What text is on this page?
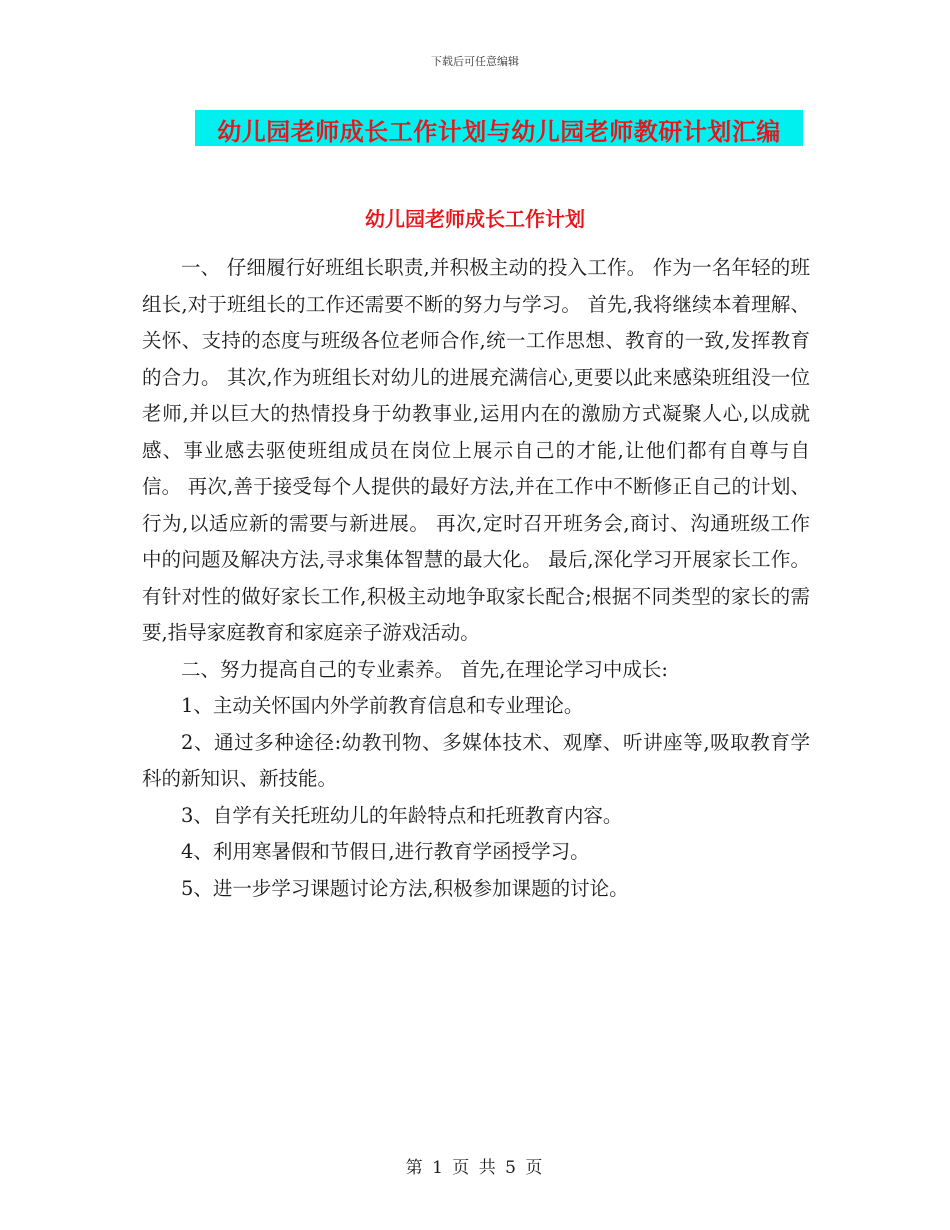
下载后可任意编辑
幼儿园老师成长工作计划与幼儿园老师教研计划汇编
幼儿园老师成长工作计划

一、 仔细履行好班组长职责,并积极主动的投入工作。 作为一名年轻的班组长,对于班组长的工作还需要不断的努力与学习。 首先,我将继续本着理解、关怀、支持的态度与班级各位老师合作,统一工作思想、教育的一致,发挥教育的合力。 其次,作为班组长对幼儿的进展充满信心,更要以此来感染班组没一位老师,并以巨大的热情投身于幼教事业,运用内在的激励方式凝聚人心,以成就感、事业感去驱使班组成员在岗位上展示自己的才能,让他们都有自尊与自信。 再次,善于接受每个人提供的最好方法,并在工作中不断修正自己的计划、行为,以适应新的需要与新进展。 再次,定时召开班务会,商讨、沟通班级工作中的问题及解决方法,寻求集体智慧的最大化。 最后,深化学习开展家长工作。有针对性的做好家长工作,积极主动地争取家长配合;根据不同类型的家长的需要,指导家庭教育和家庭亲子游戏活动。

二、努力提高自己的专业素养。 首先,在理论学习中成长:

1、主动关怀国内外学前教育信息和专业理论。

2、通过多种途径:幼教刊物、多媒体技术、观摩、听讲座等,吸取教育学科的新知识、新技能。

3、自学有关托班幼儿的年龄特点和托班教育内容。

4、利用寒暑假和节假日,进行教育学函授学习。

5、进一步学习课题讨论方法,积极参加课题的讨论。

第 1 页 共 5 页
